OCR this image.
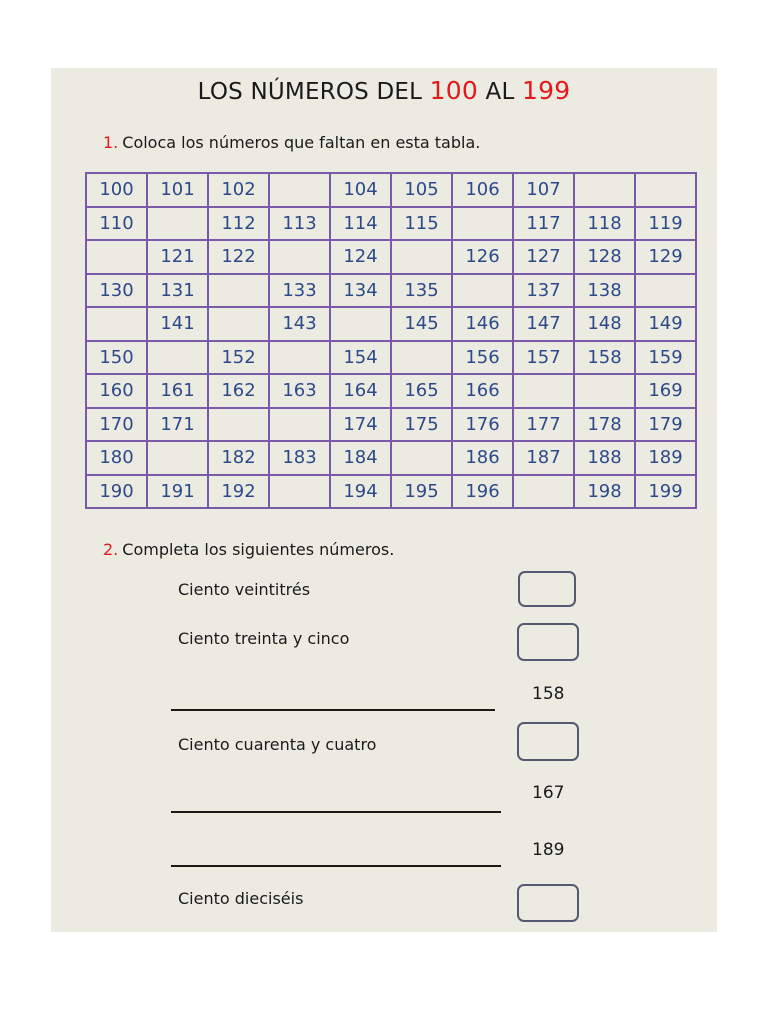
LOS NÚMEROS DEL 100 AL 199
1. Coloca los números que faltan en esta tabla.
100	101	102		104	105	106	107		
110		112	113	114	115		117	118	119
	121	122		124		126	127	128	129
130	131		133	134	135		137	138	
	141		143		145	146	147	148	149
150		152		154		156	157	158	159
160	161	162	163	164	165	166			169
170	171			174	175	176	177	178	179
180		182	183	184		186	187	188	189
190	191	192		194	195	196		198	199
2. Completa los siguientes números.
Ciento veintitrés
Ciento treinta y cinco
158
Ciento cuarenta y cuatro
167
189
Ciento dieciséis
